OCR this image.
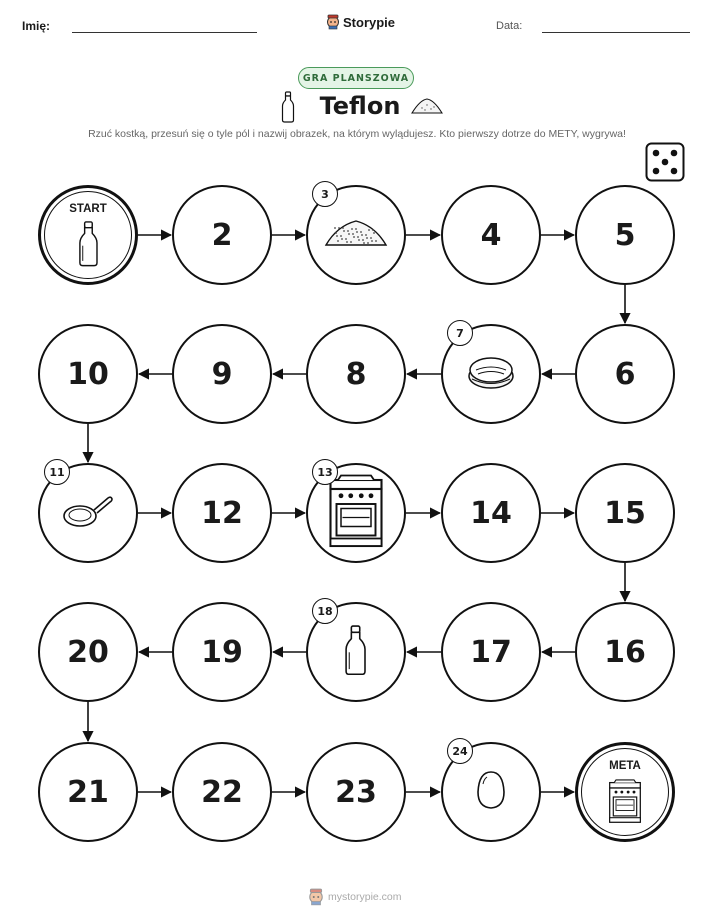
Imię:	Storypie	Data:
GRA PLANSZOWA
Teflon
Rzuć kostką, przesuń się o tyle pól i nazwij obrazek, na którym wylądujesz. Kto pierwszy dotrze do METY, wygrywa!
START
2
3
4	5
6
7
8
9
10
11
12
13
14	15
16
17
18
19
20
21	22	23
24
META
mystorypie.com
